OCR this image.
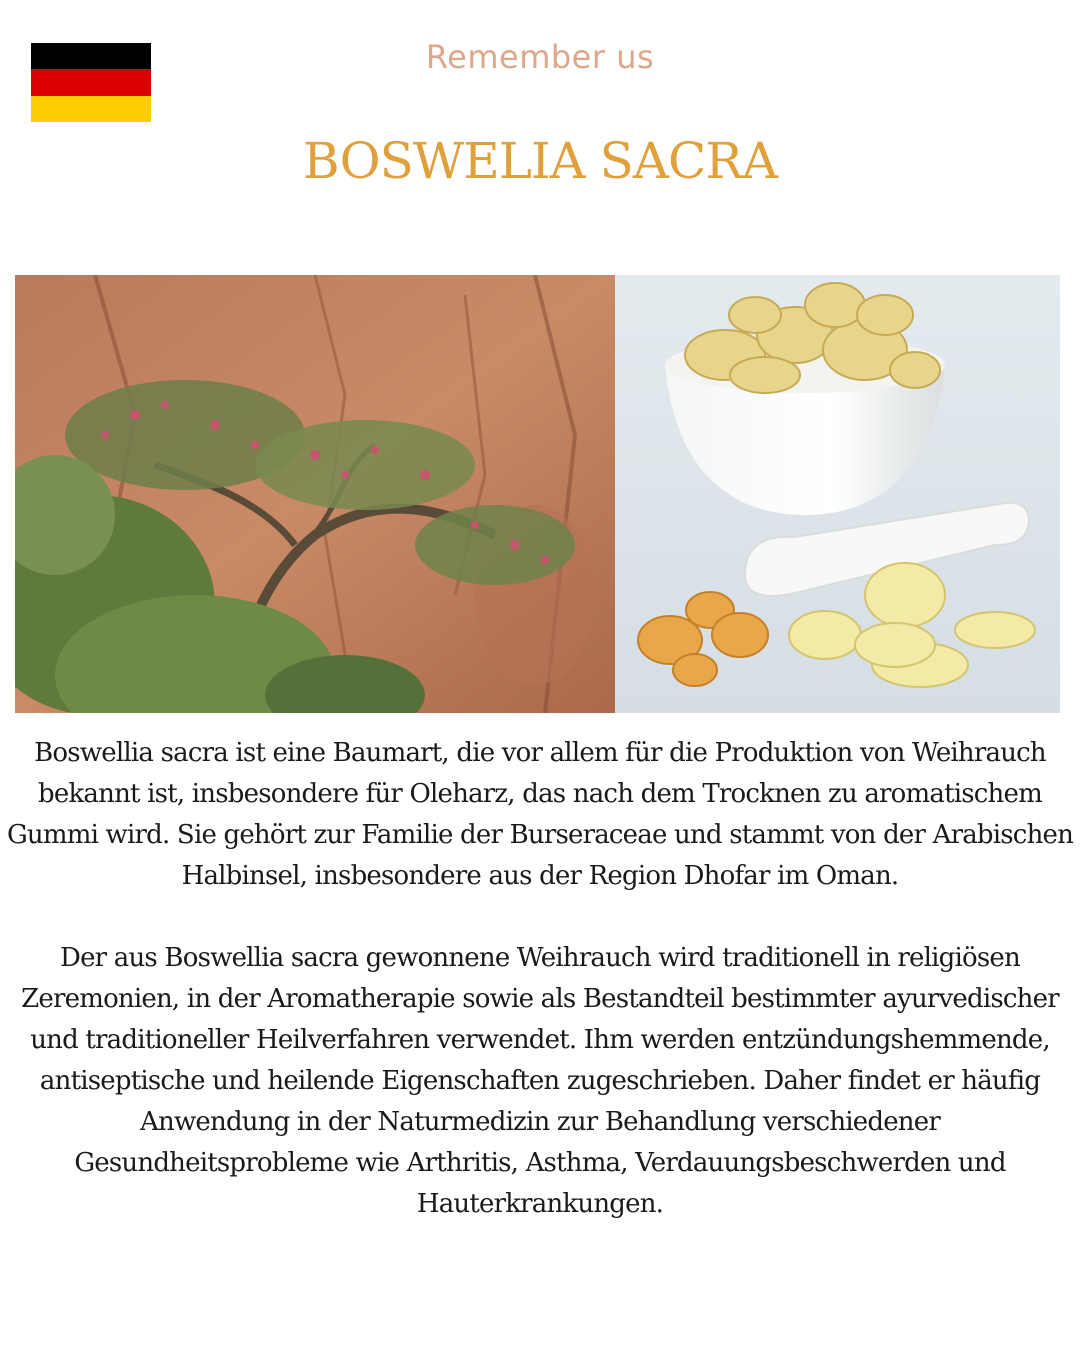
Remember us
BOSWELIA SACRA

Boswellia sacra ist eine Baumart, die vor allem für die Produktion von Weihrauch bekannt ist, insbesondere für Oleharz, das nach dem Trocknen zu aromatischem Gummi wird. Sie gehört zur Familie der Burseraceae und stammt von der Arabischen Halbinsel, insbesondere aus der Region Dhofar im Oman.

Der aus Boswellia sacra gewonnene Weihrauch wird traditionell in religiösen Zeremonien, in der Aromatherapie sowie als Bestandteil bestimmter ayurvedischer und traditioneller Heilverfahren verwendet. Ihm werden entzündungshemmende, antiseptische und heilende Eigenschaften zugeschrieben. Daher findet er häufig Anwendung in der Naturmedizin zur Behandlung verschiedener Gesundheitsprobleme wie Arthritis, Asthma, Verdauungsbeschwerden und Hauterkrankungen.
